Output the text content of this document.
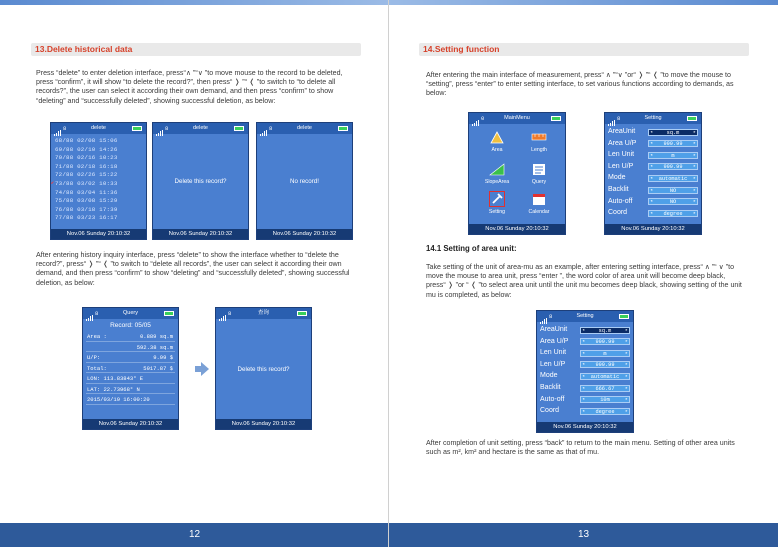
13.Delete historical data
Press “delete” to enter deletion interface, press“∧ ”“∨ ”to move mouse to the record to be deleted, press “confirm”, it will show “to delete the record?”, then press“ ❭ ”“ ❬ ”to switch to “to delete all records?”, the user can select it according their own demand, and then press “confirm” to show “deleting” and “successfully deleted”, showing successful deletion, as below:
8	delete
68/88 02/08 15:06
69/88 02/10 14:26
70/88 02/16 10:23
71/88 02/18 16:18
72/88 02/26 15:22
✔ 73/88 03/02 10:33
74/88 03/04 11:36
75/88 03/08 15:29
76/88 03/18 17:39
77/88 03/23 16:17
Nov.06 Sunday 20:10:32
8	delete
Delete this record?
Nov.06 Sunday 20:10:32
8	delete
No record!
Nov.06 Sunday 20:10:32
After entering history inquiry interface, press “delete” to show the interface whether to “delete the record?”, press“ ❭ ”“ ❬ ”to switch to “delete all records”, the user can select it according their own demand, and then press “confirm” to show “deleting” and “successfully deleted”, showing successful deletion, as below:
8	Query
Record: 05/05
Area :	0.889 sq.m
592.38 sq.m
U/P:	9.99 $
Total:	5917.87 $
LON: 113.83843° E
LAT: 22.73968° N
2015/03/19 16:00:20
Nov.06 Sunday 20:10:32
8	查询
Delete this record?
Nov.06 Sunday 20:10:32
12
14.Setting function
After entering the main interface of measurement, press“ ∧ ”“∨ ”or“ ❭ ”“ ❬ ”to move the mouse to “setting”, press “enter” to enter setting interface, to set various functions according to demands, as below:
0	MainMenu
Area	Length
SlopeArea	Query
Setting	Calendar
Nov.06 Sunday 20:10:32
8	Setting
AreaUnit	◂ sq.m ▸
Area U/P	◂ 999.99 ▸
Len Unit	◂ m ▸
Len U/P	◂ 999.99 ▸
Mode	◂ automatic ▸
Backlit	◂ NO ▸
Auto-off	◂ NO ▸
Coord	◂ degree ▸
Nov.06 Sunday 20:10:32
14.1 Setting of area unit:
Take setting of the unit of area-mu as an example, after entering setting interface, press“ ∧ ”“ ∨ ”to move the mouse to area unit, press “enter ”, the word color of area unit will become deep black, press“ ❭ ”or “ ❬ ”to select area unit until the unit mu becomes deep black, showing setting of the unit mu is completed, as below:
8	Setting
AreaUnit	◂ sq.m ▸
Area U/P	◂ 999.99 ▸
Len Unit	◂ m ▸
Len U/P	◂ 999.99 ▸
Mode	◂ automatic ▸
Backlit	◂ 666.67 ▸
Auto-off	◂ 10m ▸
Coord	◂ degree ▸
Nov.06 Sunday 20:10:32
After completion of unit setting, press “back” to return to the main menu. Setting of other area units such as m², km² and hectare is the same as that of mu.
13
